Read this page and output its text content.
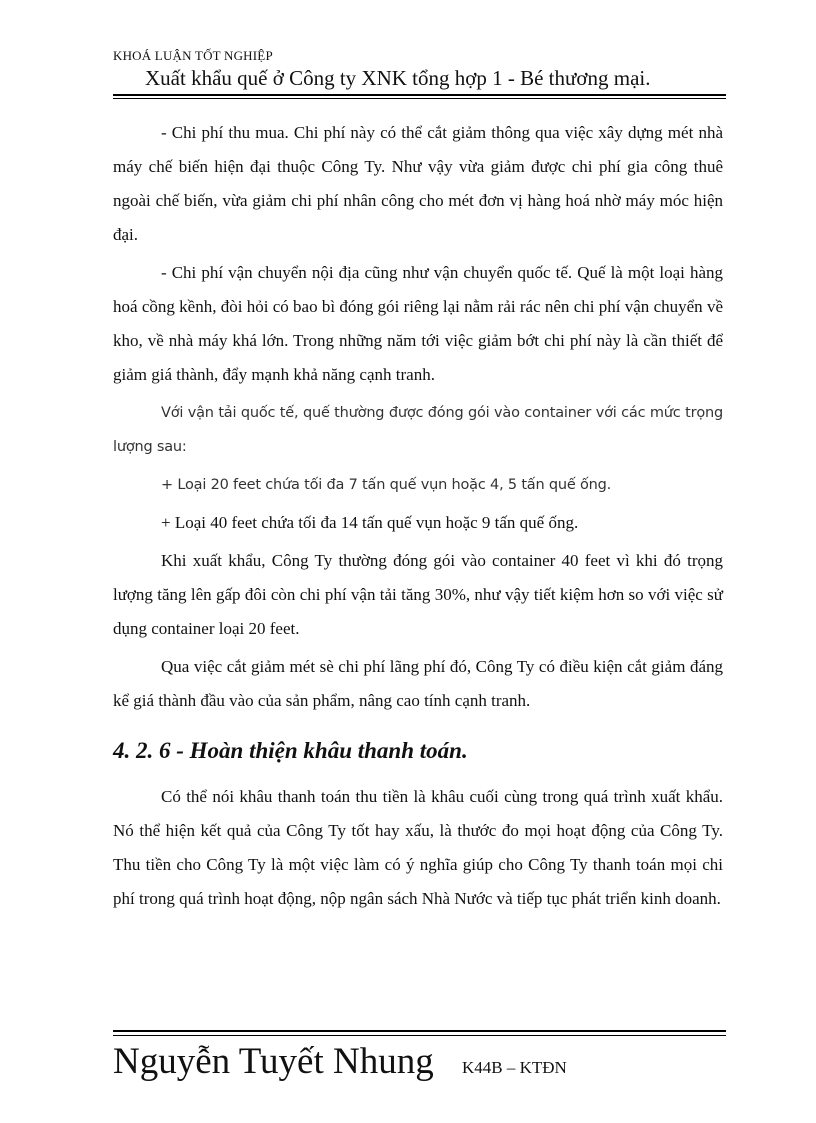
KHOÁ LUẬN TỐT NGHIỆP
Xuất khẩu quế ở Công ty XNK tổng hợp 1 - Bé thương mại.

- Chi phí thu mua. Chi phí này có thể cắt giảm thông qua việc xây dựng mét nhà máy chế biến hiện đại thuộc Công Ty. Như vậy vừa giảm được chi phí gia công thuê ngoài chế biến, vừa giảm chi phí nhân công cho mét đơn vị hàng hoá nhờ máy móc hiện đại.

- Chi phí vận chuyển nội địa cũng như vận chuyển quốc tế. Quế là một loại hàng hoá cồng kềnh, đòi hỏi có bao bì đóng gói riêng lại nằm rải rác nên chi phí vận chuyển về kho, về nhà máy khá lớn. Trong những năm tới việc giảm bớt chi phí này là cần thiết để giảm giá thành, đẩy mạnh khả năng cạnh tranh.

Với vận tải quốc tế, quế thường được đóng gói vào container với các mức trọng lượng sau:

+ Loại 20 feet chứa tối đa 7 tấn quế vụn hoặc 4, 5 tấn quế ống.

+ Loại 40 feet chứa tối đa 14 tấn quế vụn hoặc 9 tấn quế ống.

Khi xuất khẩu, Công Ty thường đóng gói vào container 40 feet vì khi đó trọng lượng tăng lên gấp đôi còn chi phí vận tải tăng 30%, như vậy tiết kiệm hơn so với việc sử dụng container loại 20 feet.

Qua việc cắt giảm mét sè chi phí lãng phí đó, Công Ty có điều kiện cắt giảm đáng kể giá thành đầu vào của sản phẩm, nâng cao tính cạnh tranh.

4. 2. 6 - Hoàn thiện khâu thanh toán.

Có thể nói khâu thanh toán thu tiền là khâu cuối cùng trong quá trình xuất khẩu. Nó thể hiện kết quả của Công Ty tốt hay xấu, là thước đo mọi hoạt động của Công Ty. Thu tiền cho Công Ty là một việc làm có ý nghĩa giúp cho Công Ty thanh toán mọi chi phí trong quá trình hoạt động, nộp ngân sách Nhà Nước và tiếp tục phát triển kinh doanh.

Nguyễn Tuyết Nhung K44B – KTĐN
